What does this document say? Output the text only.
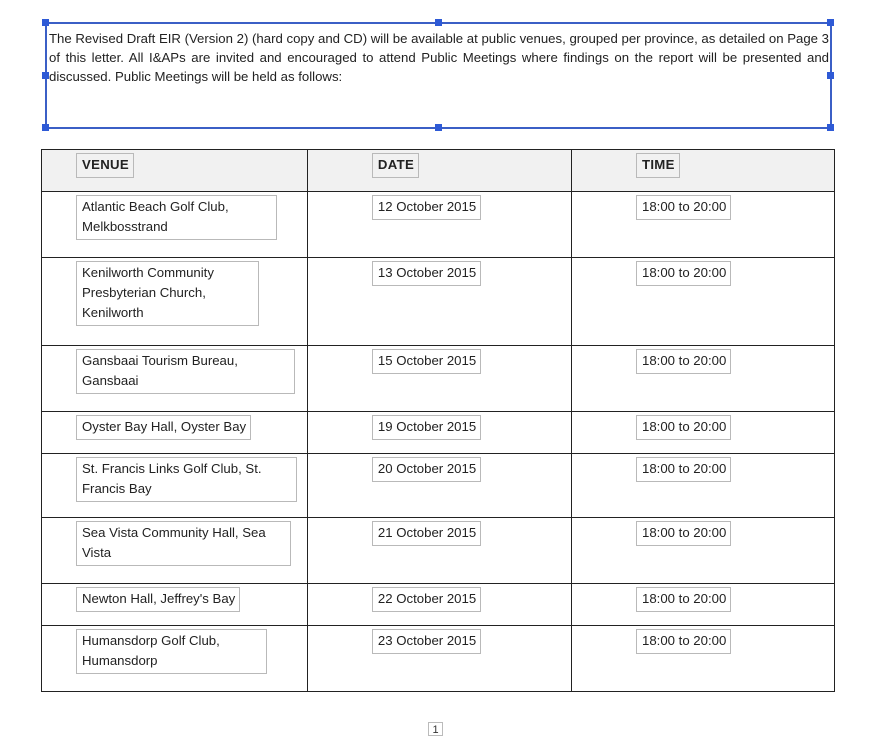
The Revised Draft EIR (Version 2) (hard copy and CD) will be available at public venues, grouped per province, as detailed on Page 3 of this letter. All I&APs are invited and encouraged to attend Public Meetings where findings on the report will be presented and discussed. Public Meetings will be held as follows:
VENUE	DATE	TIME

Atlantic Beach Golf Club, Melkbosstrand	12 October 2015	18:00 to 20:00

Kenilworth Community Presbyterian Church, Kenilworth	13 October 2015	18:00 to 20:00

Gansbaai Tourism Bureau, Gansbaai	15 October 2015	18:00 to 20:00

Oyster Bay Hall, Oyster Bay	19 October 2015	18:00 to 20:00

St. Francis Links Golf Club, St. Francis Bay	20 October 2015	18:00 to 20:00

Sea Vista Community Hall, Sea Vista	21 October 2015	18:00 to 20:00

Newton Hall, Jeffrey's Bay	22 October 2015	18:00 to 20:00

Humansdorp Golf Club, Humansdorp	23 October 2015	18:00 to 20:00
1
